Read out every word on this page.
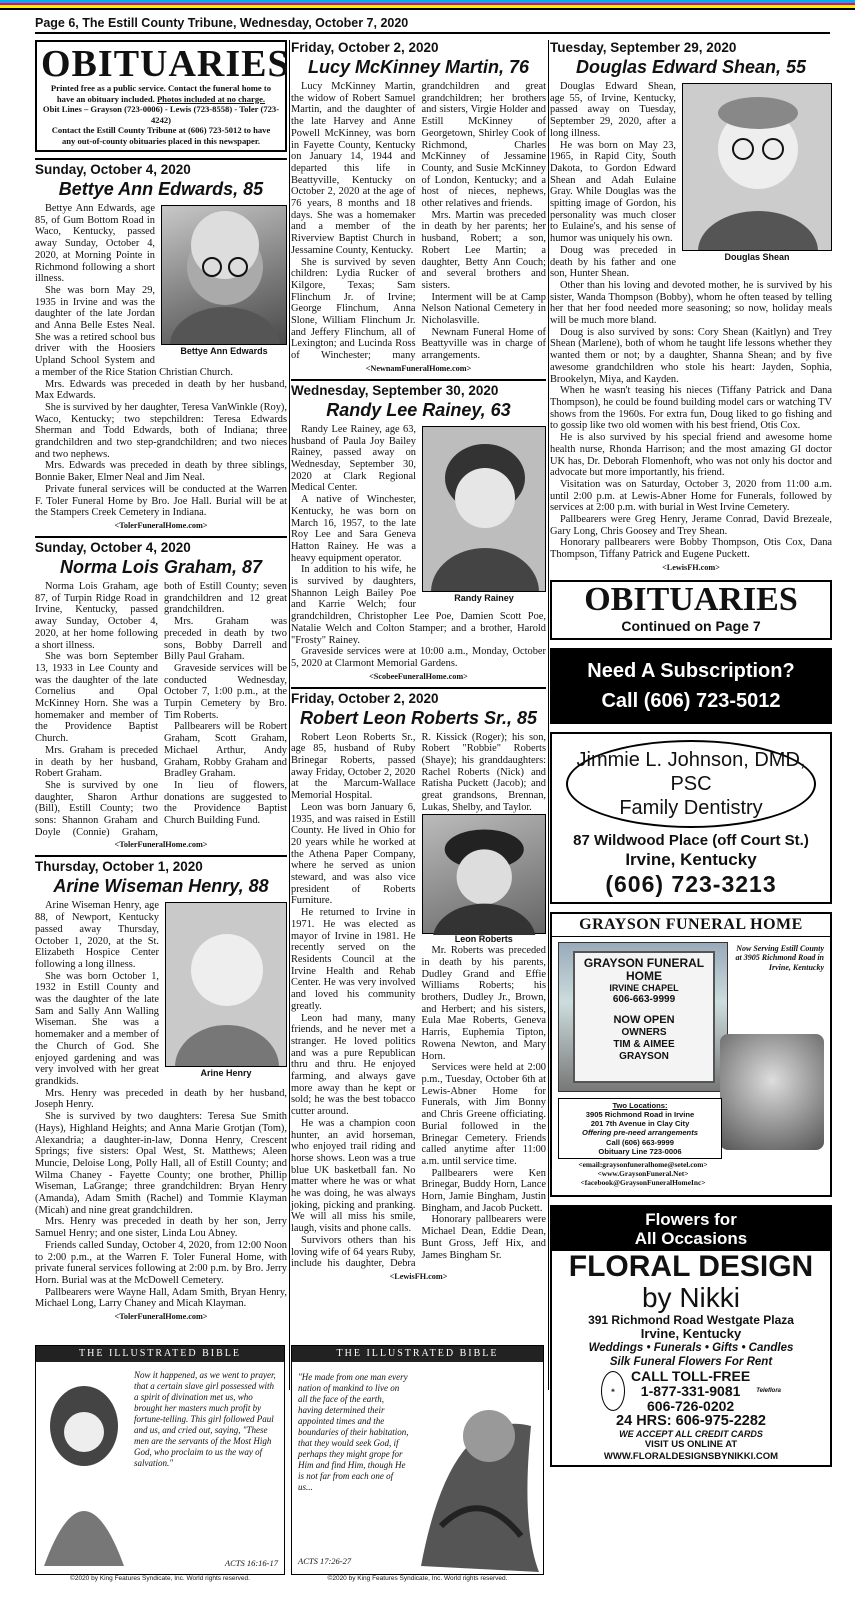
Page 6, The Estill County Tribune, Wednesday, October 7, 2020
OBITUARIES

Printed free as a public service. Contact the funeral home to
have an obituary included. Photos included at no charge.
Obit Lines – Grayson (723-0006) - Lewis (723-8558) - Toler (723-4242)
Contact the Estill County Tribune at (606) 723-5012 to have
any out-of-county obituaries placed in this newspaper.

Sunday, October 4, 2020
Bettye Ann Edwards, 85
Bettye Ann Edwards

Bettye Ann Edwards, age 85, of Gum Bottom Road in Waco, Kentucky, passed away Sunday, October 4, 2020, at Morning Pointe in Richmond following a short illness.

She was born May 29, 1935 in Irvine and was the daughter of the late Jordan and Anna Belle Estes Neal. She was a retired school bus driver with the Hoosiers Upland School System and a member of the Rice Station Christian Church.

Mrs. Edwards was preceded in death by her husband, Max Edwards.

She is survived by her daughter, Teresa VanWinkle (Roy), Waco, Kentucky; two stepchildren: Teresa Edwards Sherman and Todd Edwards, both of Indiana; three grandchildren and two step-grandchildren; and two nieces and two nephews.

Mrs. Edwards was preceded in death by three siblings, Bonnie Baker, Elmer Neal and Jim Neal.

Private funeral services will be conducted at the Warren F. Toler Funeral Home by Bro. Joe Hall. Burial will be at the Stampers Creek Cemetery in Indiana.

<TolerFuneralHome.com>
Sunday, October 4, 2020
Norma Lois Graham, 87

Norma Lois Graham, age 87, of Turpin Ridge Road in Irvine, Kentucky, passed away Sunday, October 4, 2020, at her home following a short illness.

She was born September 13, 1933 in Lee County and was the daughter of the late Cornelius and Opal McKinney Horn. She was a homemaker and member of the Providence Baptist Church.

Mrs. Graham is preceded in death by her husband, Robert Graham.

She is survived by one daughter, Sharon Arthur (Bill), Estill County; two sons: Shannon Graham and Doyle (Connie) Graham, both of Estill County; seven grandchildren and 12 great grandchildren.

Mrs. Graham was preceded in death by two sons, Bobby Darrell and Billy Paul Graham.

Graveside services will be conducted Wednesday, October 7, 1:00 p.m., at the Turpin Cemetery by Bro. Tim Roberts.

Pallbearers will be Robert Graham, Scott Graham, Michael Arthur, Andy Graham, Robby Graham and Bradley Graham.

In lieu of flowers, donations are suggested to the Providence Baptist Church Building Fund.

<TolerFuneralHome.com>
Thursday, October 1, 2020
Arine Wiseman Henry, 88
Arine Henry

Arine Wiseman Henry, age 88, of Newport, Kentucky passed away Thursday, October 1, 2020, at the St. Elizabeth Hospice Center following a long illness.

She was born October 1, 1932 in Estill County and was the daughter of the late Sam and Sally Ann Walling Wiseman. She was a homemaker and a member of the Church of God. She enjoyed gardening and was very involved with her great grandkids.

Mrs. Henry was preceded in death by her husband, Joseph Henry.

She is survived by two daughters: Teresa Sue Smith (Hays), Highland Heights; and Anna Marie Grotjan (Tom), Alexandria; a daughter-in-law, Donna Henry, Crescent Springs; five sisters: Opal West, St. Matthews; Aleen Muncie, Deloise Long, Polly Hall, all of Estill County; and Wilma Chaney - Fayette County; one brother, Phillip Wiseman, LaGrange; three grandchildren: Bryan Henry (Amanda), Adam Smith (Rachel) and Tommie Klayman (Micah) and nine great grandchildren.

Mrs. Henry was preceded in death by her son, Jerry Samuel Henry; and one sister, Linda Lou Abney.

Friends called Sunday, October 4, 2020, from 12:00 Noon to 2:00 p.m., at the Warren F. Toler Funeral Home, with private funeral services following at 2:00 p.m. by Bro. Jerry Horn. Burial was at the McDowell Cemetery.

Pallbearers were Wayne Hall, Adam Smith, Bryan Henry, Michael Long, Larry Chaney and Micah Klayman.

<TolerFuneralHome.com>
Friday, October 2, 2020
Lucy McKinney Martin, 76

Lucy McKinney Martin, the widow of Robert Samuel Martin, and the daughter of the late Harvey and Anne Powell McKinney, was born in Fayette County, Kentucky on January 14, 1944 and departed this life in Beattyville, Kentucky on October 2, 2020 at the age of 76 years, 8 months and 18 days. She was a homemaker and a member of the Riverview Baptist Church in Jessamine County, Kentucky.

She is survived by seven children: Lydia Rucker of Kilgore, Texas; Sam Flinchum Jr. of Irvine; George Flinchum, Anna Slone, William Flinchum Jr. and Jeffery Flinchum, all of Lexington; and Lucinda Ross of Winchester; many grandchildren and great grandchildren; her brothers and sisters, Virgie Holder and Estill McKinney of Georgetown, Shirley Cook of Richmond, Charles McKinney of Jessamine County, and Susie McKinney of London, Kentucky; and a host of nieces, nephews, other relatives and friends.

Mrs. Martin was preceded in death by her parents; her husband, Robert; a son, Robert Lee Martin; a daughter, Betty Ann Couch; and several brothers and sisters.

Interment will be at Camp Nelson National Cemetery in Nicholasville.

Newnam Funeral Home of Beattyville was in charge of arrangements.

<NewnamFuneralHome.com>
Wednesday, September 30, 2020
Randy Lee Rainey, 63
Randy Rainey

Randy Lee Rainey, age 63, husband of Paula Joy Bailey Rainey, passed away on Wednesday, September 30, 2020 at Clark Regional Medical Center.

A native of Winchester, Kentucky, he was born on March 16, 1957, to the late Roy Lee and Sara Geneva Hatton Rainey. He was a heavy equipment operator.

In addition to his wife, he is survived by daughters, Shannon Leigh Bailey Poe and Karrie Welch; four grandchildren, Christopher Lee Poe, Damien Scott Poe, Natalie Welch and Colton Stamper; and a brother, Harold "Frosty" Rainey.

Graveside services were at 10:00 a.m., Monday, October 5, 2020 at Clarmont Memorial Gardens.

<ScobeeFuneralHome.com>
Friday, October 2, 2020
Robert Leon Roberts Sr., 85

Robert Leon Roberts Sr., age 85, husband of Ruby Brinegar Roberts, passed away Friday, October 2, 2020 at the Marcum-Wallace Memorial Hospital.

Leon was born January 6, 1935, and was raised in Estill County. He lived in Ohio for 20 years while he worked at the Athena Paper Company, where he served as union steward, and was also vice president of Roberts Furniture.

He returned to Irvine in 1971. He was elected as mayor of Irvine in 1981. He recently served on the Residents Council at the Irvine Health and Rehab Center. He was very involved and loved his community greatly.

Leon had many, many friends, and he never met a stranger. He loved politics and was a pure Republican thru and thru. He enjoyed farming, and always gave more away than he kept or sold; he was the best tobacco cutter around.

He was a champion coon hunter, an avid horseman, who enjoyed trail riding and horse shows. Leon was a true blue UK basketball fan. No matter where he was or what he was doing, he was always joking, picking and pranking. We will all miss his smile, laugh, visits and phone calls.

Survivors others than his loving wife of 64 years Ruby, include his daughter, Debra R. Kissick (Roger); his son, Robert "Robbie" Roberts (Shaye); his granddaughters: Rachel Roberts (Nick) and Ratisha Puckett (Jacob); and great grandsons, Brennan, Lukas, Shelby, and Taylor.

Leon Roberts

Mr. Roberts was preceded in death by his parents, Dudley Grand and Effie Williams Roberts; his brothers, Dudley Jr., Brown, and Herbert; and his sisters, Eula Mae Roberts, Geneva Harris, Euphemia Tipton, Rowena Newton, and Mary Horn.

Services were held at 2:00 p.m., Tuesday, October 6th at Lewis-Abner Home for Funerals, with Jim Bonny and Chris Greene officiating. Burial followed in the Brinegar Cemetery. Friends called anytime after 11:00 a.m. until service time.

Pallbearers were Ken Brinegar, Buddy Horn, Lance Horn, Jamie Bingham, Justin Bingham, and Jacob Puckett.

Honorary pallbearers were Michael Dean, Eddie Dean, Bunt Gross, Jeff Hix, and James Bingham Sr.

<LewisFH.com>
Tuesday, September 29, 2020
Douglas Edward Shean, 55
Douglas Shean

Douglas Edward Shean, age 55, of Irvine, Kentucky, passed away on Tuesday, September 29, 2020, after a long illness.

He was born on May 23, 1965, in Rapid City, South Dakota, to Gordon Edward Shean and Adah Eulaine Gray. While Douglas was the spitting image of Gordon, his personality was much closer to Eulaine's, and his sense of humor was uniquely his own.

Doug was preceded in death by his father and one son, Hunter Shean.

Other than his loving and devoted mother, he is survived by his sister, Wanda Thompson (Bobby), whom he often teased by telling her that her food needed more seasoning; so now, holiday meals will be much more bland.

Doug is also survived by sons: Cory Shean (Kaitlyn) and Trey Shean (Marlene), both of whom he taught life lessons whether they wanted them or not; by a daughter, Shanna Shean; and by five awesome grandchildren who stole his heart: Jayden, Sophia, Brookelyn, Miya, and Kayden.

When he wasn't teasing his nieces (Tiffany Patrick and Dana Thompson), he could be found building model cars or watching TV shows from the 1960s. For extra fun, Doug liked to go fishing and to gossip like two old women with his best friend, Otis Cox.

He is also survived by his special friend and awesome home health nurse, Rhonda Harrison; and the most amazing GI doctor UK has, Dr. Deborah Flomenhoft, who was not only his doctor and advocate but more importantly, his friend.

Visitation was on Saturday, October 3, 2020 from 11:00 a.m. until 2:00 p.m. at Lewis-Abner Home for Funerals, followed by services at 2:00 p.m. with burial in West Irvine Cemetery.

Pallbearers were Greg Henry, Jerame Conrad, David Brezeale, Gary Long, Chris Goosey and Trey Shean.

Honorary pallbearers were Bobby Thompson, Otis Cox, Dana Thompson, Tiffany Patrick and Eugene Puckett.

<LewisFH.com>
OBITUARIES
Continued on Page 7
Need A Subscription?
Call (606) 723-5012
Jimmie L. Johnson, DMD, PSC
Family Dentistry
87 Wildwood Place (off Court St.)
Irvine, Kentucky
(606) 723-3213
GRAYSON FUNERAL HOME
GRAYSON FUNERAL HOME
IRVINE CHAPEL
606-663-9999
NOW OPEN
OWNERS
TIM & AIMEE
GRAYSON
Now Serving Estill County at 3905 Richmond Road in Irvine, Kentucky
Two Locations:
3905 Richmond Road in Irvine
201 7th Avenue in Clay City
Offering pre-need arrangements
Call (606) 663-9999
Obituary Line 723-0006
<email:graysonfuneralhome@setel.com>
<www.GraysonFuneral.Net>
<facebook@GraysonFuneralHomeInc>
Flowers for
All Occasions
FLORAL DESIGN
by Nikki
391 Richmond Road Westgate Plaza
Irvine, Kentucky
Weddings • Funerals • Gifts • Candles
Silk Funeral Flowers For Rent
❀
CALL TOLL-FREE
1-877-331-9081
606-726-0202
Teleflora
24 HRS: 606-975-2282
WE ACCEPT ALL CREDIT CARDS
VISIT US ONLINE AT
WWW.FLORALDESIGNSBYNIKKI.COM
THE ILLUSTRATED BIBLE
Now it happened, as we went to prayer, that a certain slave girl possessed with a spirit of divination met us, who brought her masters much profit by fortune-telling. This girl followed Paul and us, and cried out, saying, "These men are the servants of the Most High God, who proclaim to us the way of salvation."
ACTS 16:16-17
©2020 by King Features Syndicate, Inc. World rights reserved.
THE ILLUSTRATED BIBLE
"He made from one man every nation of mankind to live on all the face of the earth, having determined their appointed times and the boundaries of their habitation, that they would seek God, if perhaps they might grope for Him and find Him, though He is not far from each one of us...
ACTS 17:26-27
©2020 by King Features Syndicate, Inc. World rights reserved.
